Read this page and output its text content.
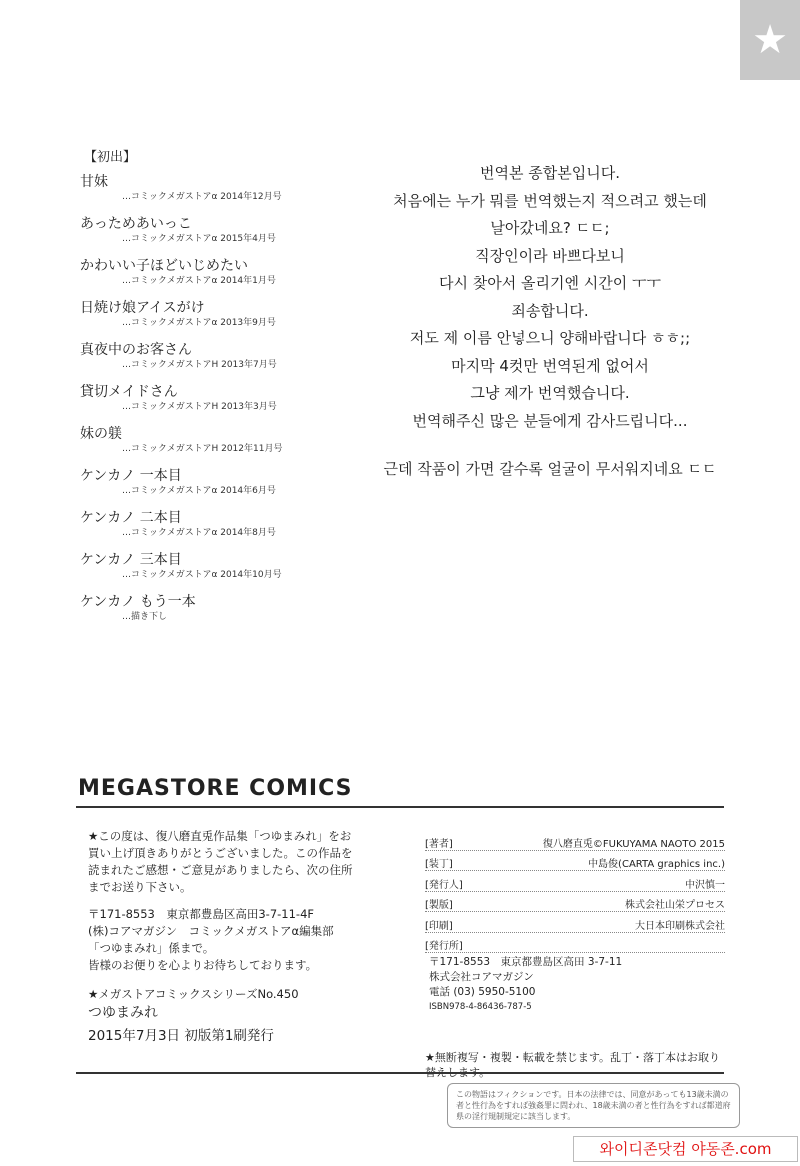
★
【初出】
甘妹
…コミックメガストアα 2014年12月号
あっためあいっこ
…コミックメガストアα 2015年4月号
かわいい子ほどいじめたい
…コミックメガストアα 2014年1月号
日焼け娘アイスがけ
…コミックメガストアα 2013年9月号
真夜中のお客さん
…コミックメガストアH 2013年7月号
貸切メイドさん
…コミックメガストアH 2013年3月号
妹の躾
…コミックメガストアH 2012年11月号
ケンカノ 一本目
…コミックメガストアα 2014年6月号
ケンカノ 二本目
…コミックメガストアα 2014年8月号
ケンカノ 三本目
…コミックメガストアα 2014年10月号
ケンカノ もう一本
…描き下し
번역본 종합본입니다.
처음에는 누가 뭐를 번역했는지 적으려고 했는데
날아갔네요? ㄷㄷ;
직장인이라 바쁘다보니
다시 찾아서 올리기엔 시간이 ㅜㅜ
죄송합니다.
저도 제 이름 안넣으니 양해바랍니다 ㅎㅎ;;
마지막 4컷만 번역된게 없어서
그냥 제가 번역했습니다.
번역해주신 많은 분들에게 감사드립니다...
근데 작품이 가면 갈수록 얼굴이 무서워지네요 ㄷㄷ
MEGASTORE COMICS

★この度は、復八磨直兎作品集「つゆまみれ」をお買い上げ頂きありがとうございました。この作品を読まれたご感想・ご意見がありましたら、次の住所までお送り下さい。

〒171-8553　東京都豊島区高田3-7-11-4F

(株)コアマガジン　コミックメガストアα編集部

「つゆまみれ」係まで。

皆様のお便りを心よりお待ちしております。

★メガストアコミックスシリーズNo.450

つゆまみれ

2015年7月3日 初版第1刷発行

[著者]	復八磨直兎©FUKUYAMA NAOTO 2015
[装丁]	中島俊(CARTA graphics inc.)
[発行人]	中沢慎一
[製版]	株式会社山栄プロセス
[印刷]	大日本印刷株式会社
[発行所]
〒171-8553　東京都豊島区高田 3-7-11
株式会社コアマガジン
電話 (03) 5950-5100
ISBN978-4-86436-787-5
★無断複写・複製・転載を禁じます。乱丁・落丁本はお取り替えします。
この物語はフィクションです。日本の法律では、同意があっても13歳未満の者と性行為をすれば強姦罪に問われ、18歳未満の者と性行為をすれば都道府県の淫行規制規定に該当します。
와이디존닷컴 야동존.com
